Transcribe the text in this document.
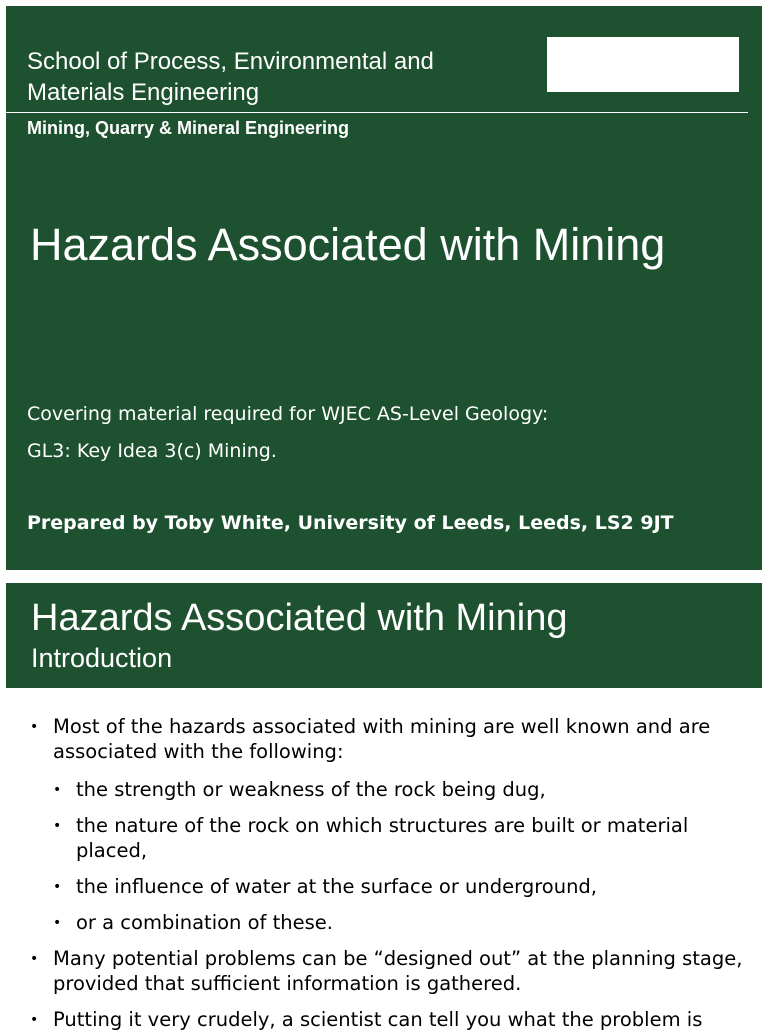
School of Process, Environmental and
Materials Engineering
Mining, Quarry & Mineral Engineering
Hazards Associated with Mining
Covering material required for WJEC AS-Level Geology:
GL3: Key Idea 3(c) Mining.
Prepared by Toby White, University of Leeds, Leeds, LS2 9JT
Hazards Associated with Mining
Introduction
• Most of the hazards associated with mining are well known and are
associated with the following:
• the strength or weakness of the rock being dug,
• the nature of the rock on which structures are built or material
placed,
• the influence of water at the surface or underground,
• or a combination of these.
• Many potential problems can be “designed out” at the planning stage,
provided that sufficient information is gathered.
• Putting it very crudely, a scientist can tell you what the problem is
